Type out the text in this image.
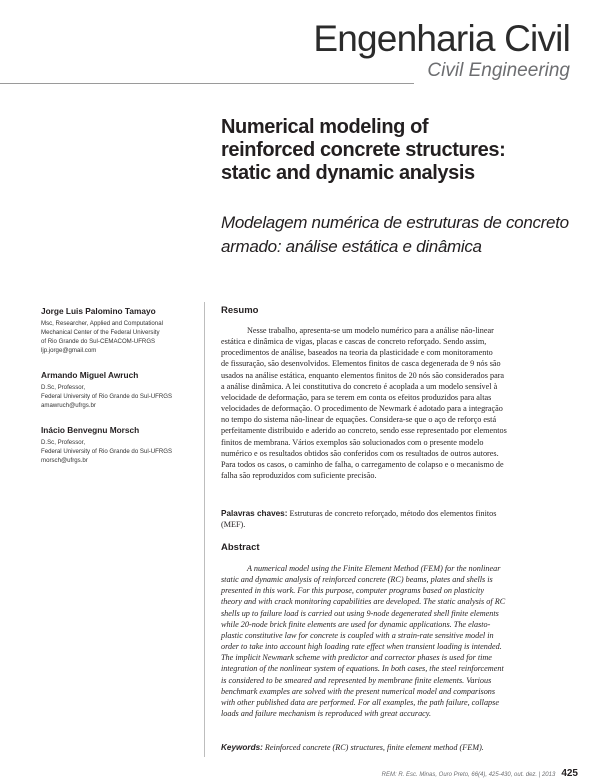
Engenharia Civil
Civil Engineering
Numerical modeling of
reinforced concrete structures:
static and dynamic analysis
Modelagem numérica de estruturas de concreto
armado: análise estática e dinâmica
Jorge Luis Palomino Tamayo
Msc, Researcher, Applied and Computational
Mechanical Center of the Federal University
of Rio Grande do Sul-CEMACOM-UFRGS
ljp.jorge@gmail.com
Armando Miguel Awruch
D.Sc, Professor,
Federal University of Rio Grande do Sul-UFRGS
amawruch@ufrgs.br
Inácio Benvegnu Morsch
D.Sc, Professor,
Federal University of Rio Grande do Sul-UFRGS
morsch@ufrgs.br
Resumo
Nesse trabalho, apresenta-se um modelo numérico para a análise não-linear
estática e dinâmica de vigas, placas e cascas de concreto reforçado. Sendo assim,
procedimentos de análise, baseados na teoria da plasticidade e com monitoramento
de fissuração, são desenvolvidos. Elementos finitos de casca degenerada de 9 nós são
usados na análise estática, enquanto elementos finitos de 20 nós são considerados para
a análise dinâmica. A lei constitutiva do concreto é acoplada a um modelo sensível à
velocidade de deformação, para se terem em conta os efeitos produzidos para altas
velocidades de deformação. O procedimento de Newmark é adotado para a integração
no tempo do sistema não-linear de equações. Considera-se que o aço de reforço está
perfeitamente distribuido e aderido ao concreto, sendo esse representado por elementos
finitos de membrana. Vários exemplos são solucionados com o presente modelo
numérico e os resultados obtidos são conferidos com os resultados de outros autores.
Para todos os casos, o caminho de falha, o carregamento de colapso e o mecanismo de
falha são reproduzidos com suficiente precisão.
Palavras chaves: Estruturas de concreto reforçado, método dos elementos finitos
(MEF).
Abstract
A numerical model using the Finite Element Method (FEM) for the nonlinear
static and dynamic analysis of reinforced concrete (RC) beams, plates and shells is
presented in this work. For this purpose, computer programs based on plasticity
theory and with crack monitoring capabilities are developed. The static analysis of RC
shells up to failure load is carried out using 9-node degenerated shell finite elements
while 20-node brick finite elements are used for dynamic applications. The elasto-
plastic constitutive law for concrete is coupled with a strain-rate sensitive model in
order to take into account high loading rate effect when transient loading is intended.
The implicit Newmark scheme with predictor and corrector phases is used for time
integration of the nonlinear system of equations. In both cases, the steel reinforcement
is considered to be smeared and represented by membrane finite elements. Various
benchmark examples are solved with the present numerical model and comparisons
with other published data are performed. For all examples, the path failure, collapse
loads and failure mechanism is reproduced with great accuracy.
Keywords: Reinforced concrete (RC) structures, finite element method (FEM).
REM: R. Esc. Minas, Ouro Preto, 66(4), 425-430, out. dez. | 2013 425
